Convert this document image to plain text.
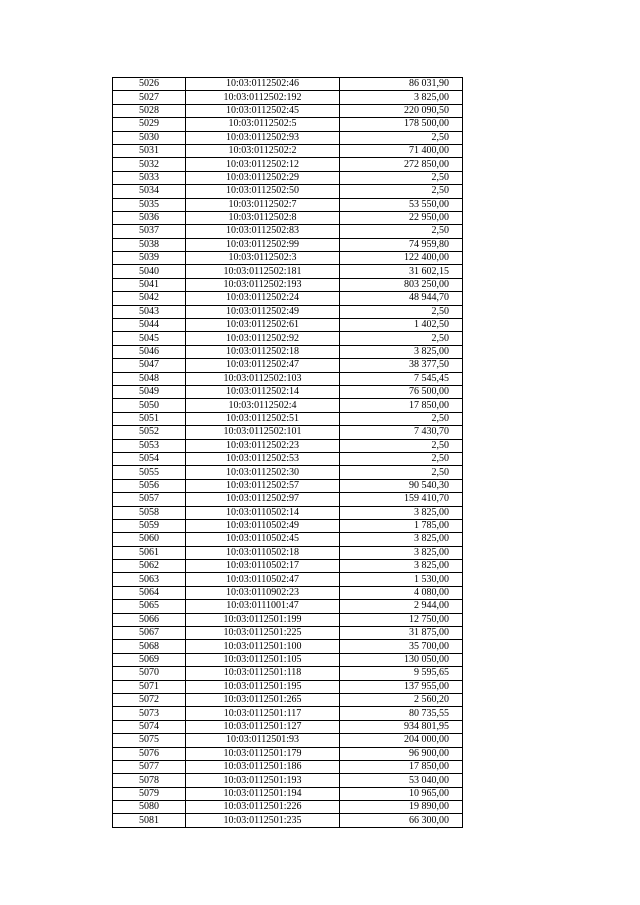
5026	10:03:0112502:46	86 031,90
5027	10:03:0112502:192	3 825,00
5028	10:03:0112502:45	220 090,50
5029	10:03:0112502:5	178 500,00
5030	10:03:0112502:93	2,50
5031	10:03:0112502:2	71 400,00
5032	10:03:0112502:12	272 850,00
5033	10:03:0112502:29	2,50
5034	10:03:0112502:50	2,50
5035	10:03:0112502:7	53 550,00
5036	10:03:0112502:8	22 950,00
5037	10:03:0112502:83	2,50
5038	10:03:0112502:99	74 959,80
5039	10:03:0112502:3	122 400,00
5040	10:03:0112502:181	31 602,15
5041	10:03:0112502:193	803 250,00
5042	10:03:0112502:24	48 944,70
5043	10:03:0112502:49	2,50
5044	10:03:0112502:61	1 402,50
5045	10:03:0112502:92	2,50
5046	10:03:0112502:18	3 825,00
5047	10:03:0112502:47	38 377,50
5048	10:03:0112502:103	7 545,45
5049	10:03:0112502:14	76 500,00
5050	10:03:0112502:4	17 850,00
5051	10:03:0112502:51	2,50
5052	10:03:0112502:101	7 430,70
5053	10:03:0112502:23	2,50
5054	10:03:0112502:53	2,50
5055	10:03:0112502:30	2,50
5056	10:03:0112502:57	90 540,30
5057	10:03:0112502:97	159 410,70
5058	10:03:0110502:14	3 825,00
5059	10:03:0110502:49	1 785,00
5060	10:03:0110502:45	3 825,00
5061	10:03:0110502:18	3 825,00
5062	10:03:0110502:17	3 825,00
5063	10:03:0110502:47	1 530,00
5064	10:03:0110902:23	4 080,00
5065	10:03:0111001:47	2 944,00
5066	10:03:0112501:199	12 750,00
5067	10:03:0112501:225	31 875,00
5068	10:03:0112501:100	35 700,00
5069	10:03:0112501:105	130 050,00
5070	10:03:0112501:118	9 595,65
5071	10:03:0112501:195	137 955,00
5072	10:03:0112501:265	2 560,20
5073	10:03:0112501:117	80 735,55
5074	10:03:0112501:127	934 801,95
5075	10:03:0112501:93	204 000,00
5076	10:03:0112501:179	96 900,00
5077	10:03:0112501:186	17 850,00
5078	10:03:0112501:193	53 040,00
5079	10:03:0112501:194	10 965,00
5080	10:03:0112501:226	19 890,00
5081	10:03:0112501:235	66 300,00
